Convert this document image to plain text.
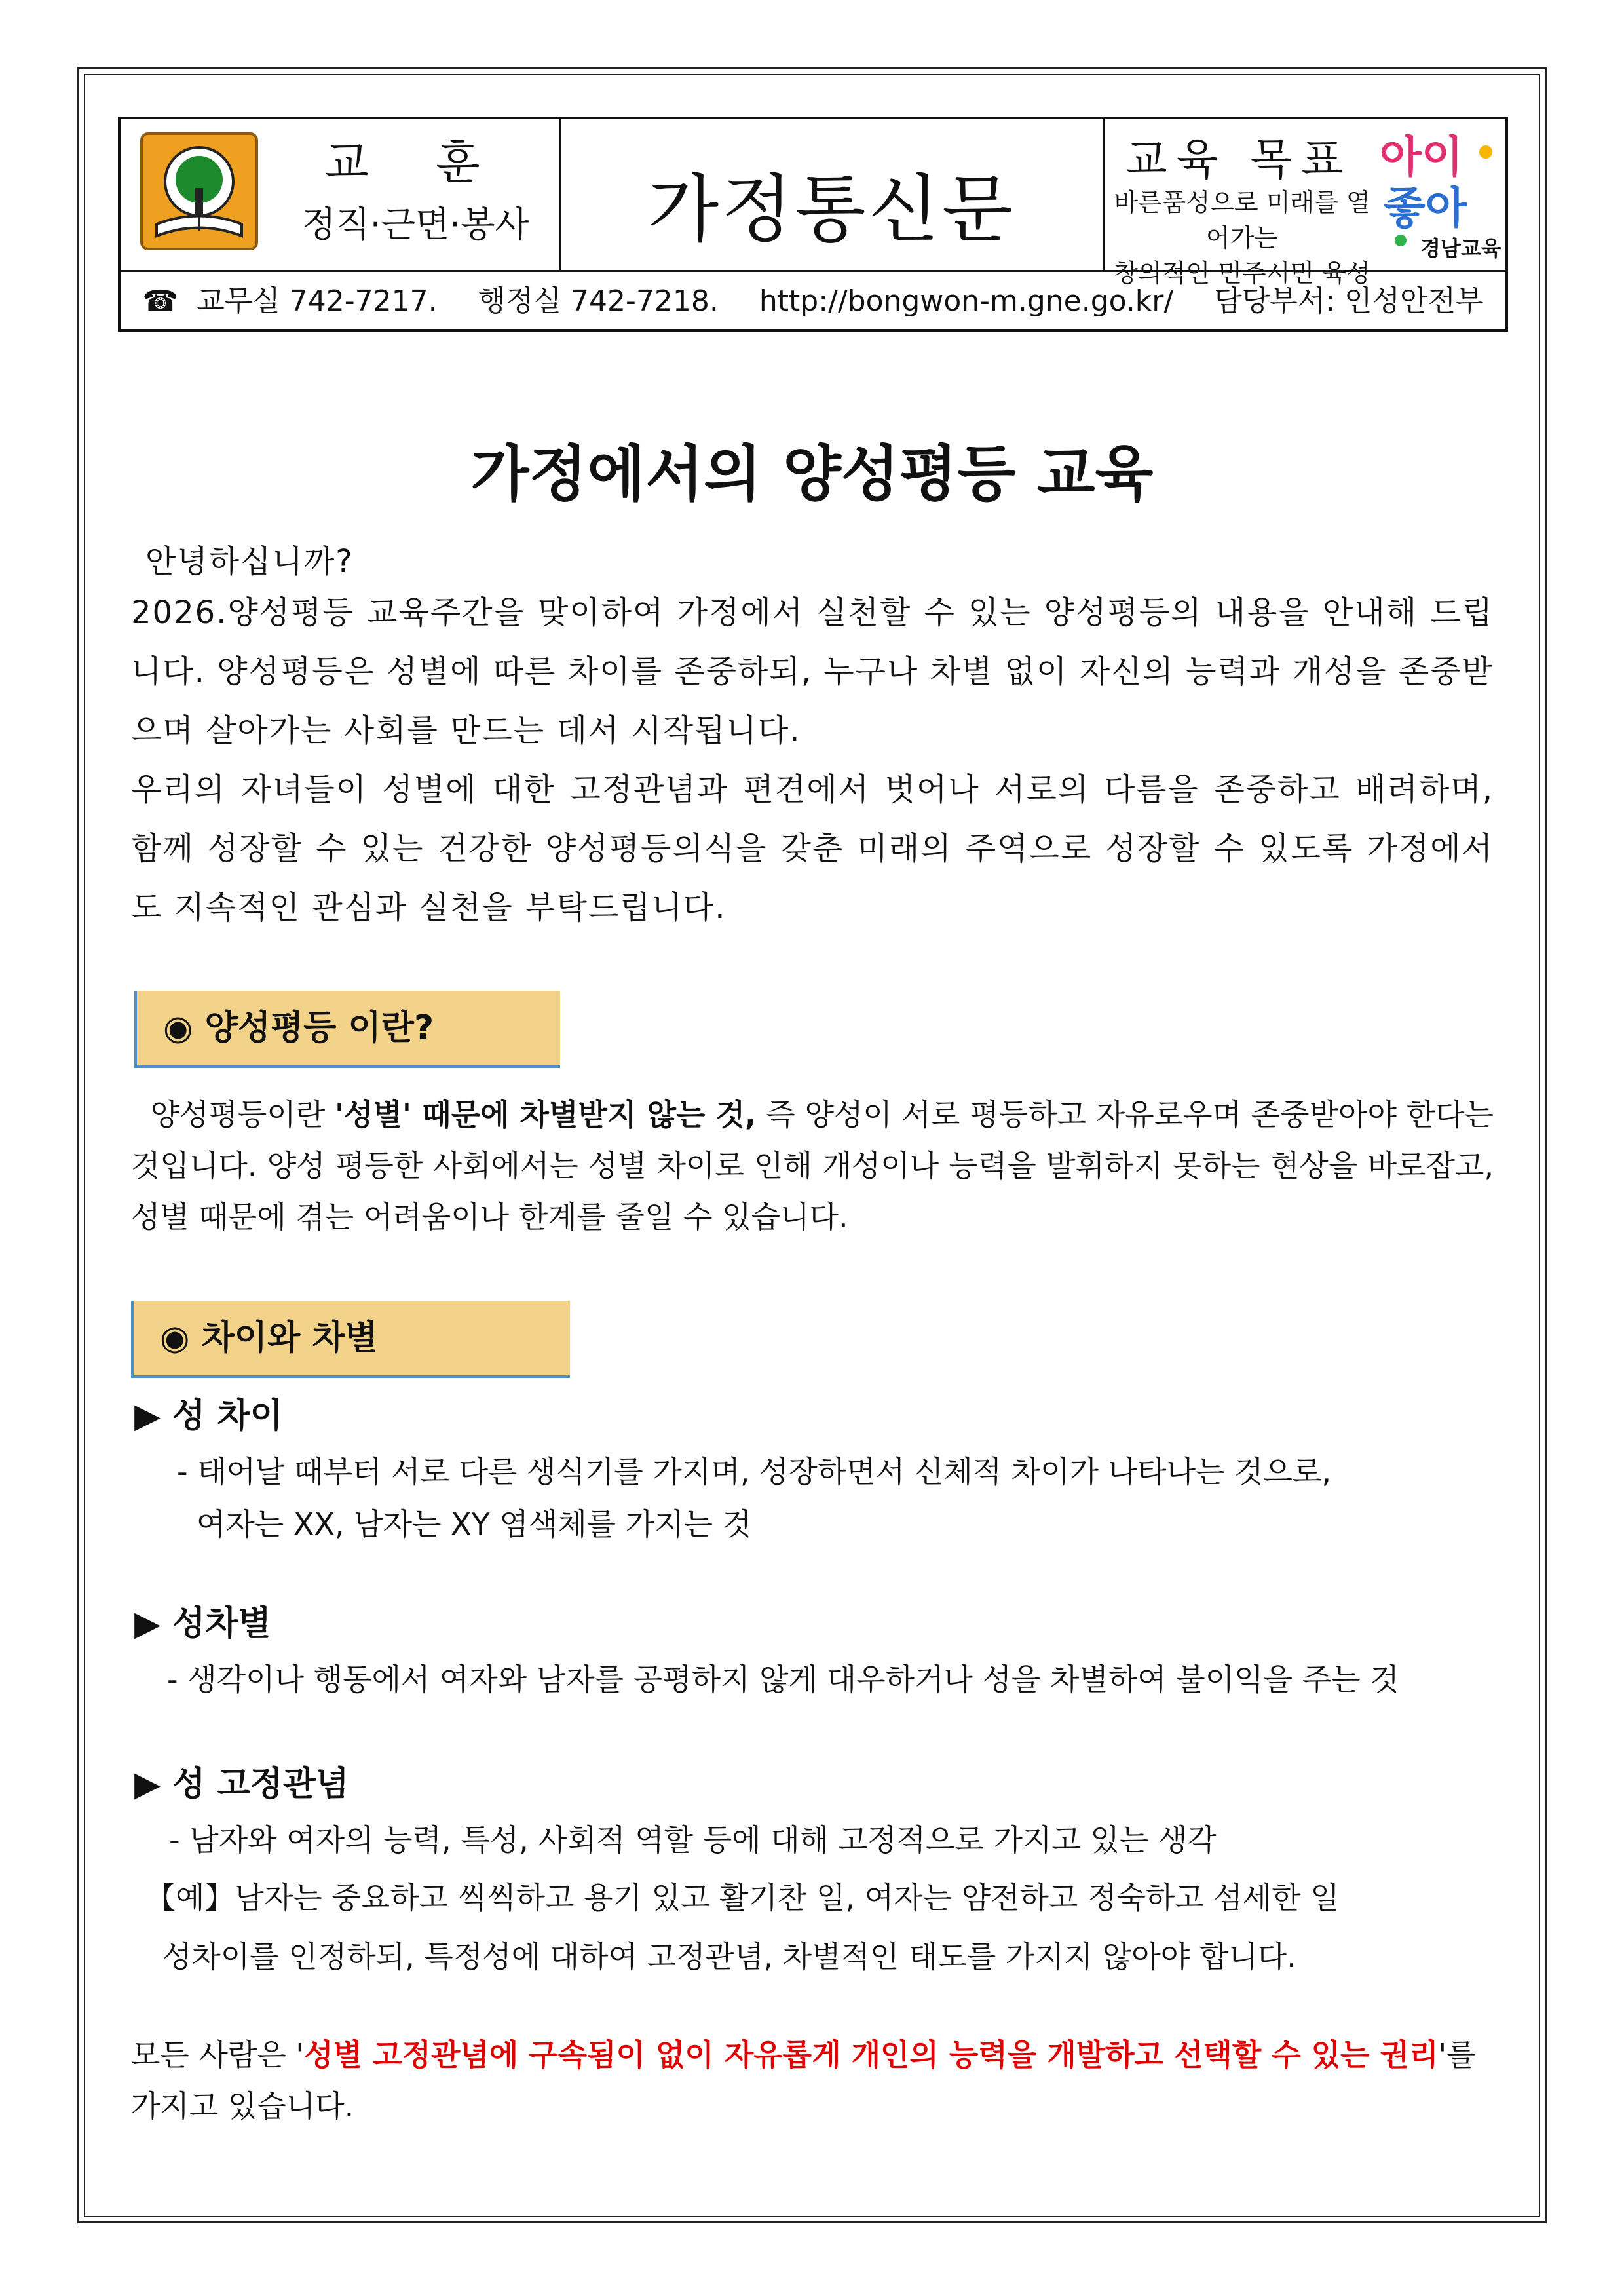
교 훈
정직·근면·봉사	가정통신문
교육 목표
바른품성으로 미래를 열어가는
창의적인 민주시민 육성
아이
좋아
경남교육
☎ 교무실 742-7217. 행정실 742-7218. http://bongwon-m.gne.go.kr/ 담당부서: 인성안전부
가정에서의 양성평등 교육
안녕하십니까?
2026.양성평등 교육주간을 맞이하여 가정에서 실천할 수 있는 양성평등의 내용을 안내해 드립니다. 양성평등은 성별에 따른 차이를 존중하되, 누구나 차별 없이 자신의 능력과 개성을 존중받으며 살아가는 사회를 만드는 데서 시작됩니다.
우리의 자녀들이 성별에 대한 고정관념과 편견에서 벗어나 서로의 다름을 존중하고 배려하며, 함께 성장할 수 있는 건강한 양성평등의식을 갖춘 미래의 주역으로 성장할 수 있도록 가정에서도 지속적인 관심과 실천을 부탁드립니다.
◉ 양성평등 이란?
양성평등이란 '성별' 때문에 차별받지 않는 것, 즉 양성이 서로 평등하고 자유로우며 존중받아야 한다는 것입니다. 양성 평등한 사회에서는 성별 차이로 인해 개성이나 능력을 발휘하지 못하는 현상을 바로잡고, 성별 때문에 겪는 어려움이나 한계를 줄일 수 있습니다.
◉ 차이와 차별
▶ 성 차이
- 태어날 때부터 서로 다른 생식기를 가지며, 성장하면서 신체적 차이가 나타나는 것으로,
여자는 XX, 남자는 XY 염색체를 가지는 것
▶ 성차별
- 생각이나 행동에서 여자와 남자를 공평하지 않게 대우하거나 성을 차별하여 불이익을 주는 것
▶ 성 고정관념
- 남자와 여자의 능력, 특성, 사회적 역할 등에 대해 고정적으로 가지고 있는 생각
【예】남자는 중요하고 씩씩하고 용기 있고 활기찬 일, 여자는 얌전하고 정숙하고 섬세한 일
성차이를 인정하되, 특정성에 대하여 고정관념, 차별적인 태도를 가지지 않아야 합니다.
모든 사람은 '성별 고정관념에 구속됨이 없이 자유롭게 개인의 능력을 개발하고 선택할 수 있는 권리'를
가지고 있습니다.
